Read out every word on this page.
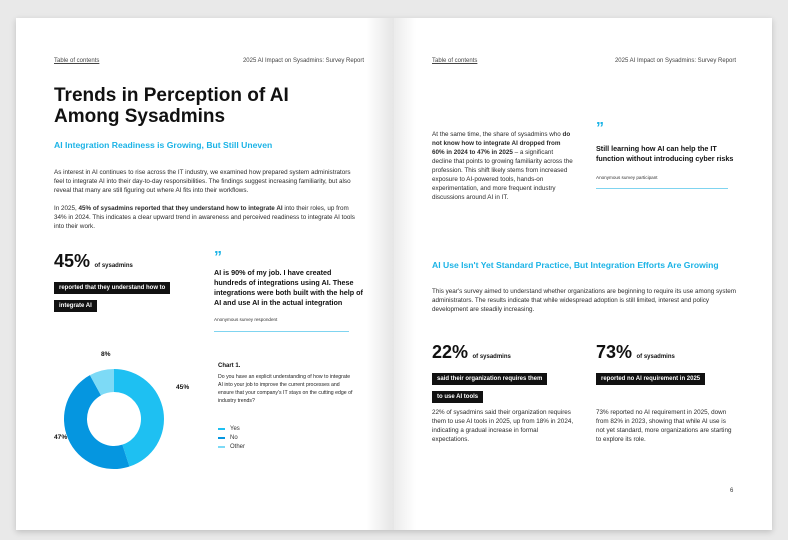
Table of contents	2025 AI Impact on Sysadmins: Survey Report
Trends in Perception of AI Among Sysadmins
AI Integration Readiness is Growing, But Still Uneven
As interest in AI continues to rise across the IT industry, we examined how prepared system administrators feel to integrate AI into their day-to-day responsibilities. The findings suggest increasing familiarity, but also reveal that many are still figuring out where AI fits into their workflows.
In 2025, 45% of sysadmins reported that they understand how to integrate AI into their roles, up from 34% in 2024. This indicates a clear upward trend in awareness and perceived readiness to integrate AI tools into their work.
45% of sysadmins
reported that they understand how to
integrate AI
”
AI is 90% of my job. I have created hundreds of integrations using AI. These integrations were both built with the help of AI and use AI in the actual integration
Anonymous survey respondent
8%
45%
47%
Chart 1.
Do you have an explicit understanding of how to integrate AI into your job to improve the current processes and ensure that your company's IT stays on the cutting edge of industry trends?
Yes
No
Other
Table of contents	2025 AI Impact on Sysadmins: Survey Report
At the same time, the share of sysadmins who do not know how to integrate AI dropped from 60% in 2024 to 47% in 2025 – a significant decline that points to growing familiarity across the profession. This shift likely stems from increased exposure to AI-powered tools, hands-on experimentation, and more frequent industry discussions around AI in IT.
”
Still learning how AI can help the IT function without introducing cyber risks
Anonymous survey participant
AI Use Isn't Yet Standard Practice, But Integration Efforts Are Growing
This year's survey aimed to understand whether organizations are beginning to require its use among system administrators. The results indicate that while widespread adoption is still limited, interest and policy development are steadily increasing.
22% of sysadmins
said their organization requires them
to use AI tools
22% of sysadmins said their organization requires them to use AI tools in 2025, up from 18% in 2024, indicating a gradual increase in formal expectations.
73% of sysadmins
reported no AI requirement in 2025
73% reported no AI requirement in 2025, down from 82% in 2023, showing that while AI use is not yet standard, more organizations are starting to explore its role.
6
